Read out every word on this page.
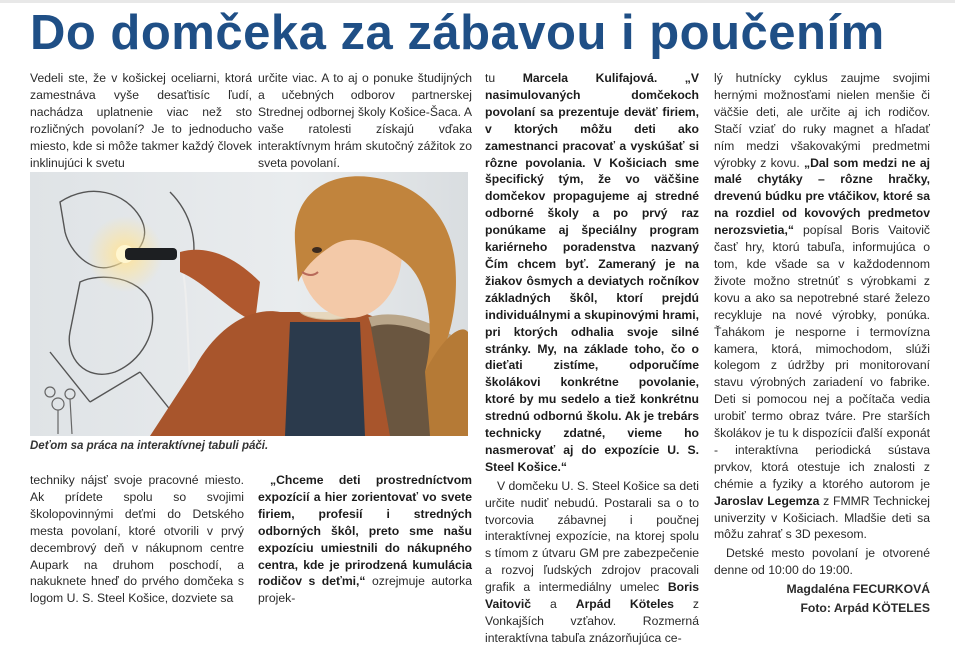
Do domčeka za zábavou i poučením

Vedeli ste, že v košickej oceliarni, ktorá zamestnáva vyše desaťtisíc ľudí, nachádza uplatnenie viac než sto rozličných povolaní? Je to jednoducho miesto, kde si môže takmer každý človek inklinujúci k svetu

určite viac. A to aj o ponuke študijných a učebných odborov partnerskej Strednej odbornej školy Košice-Šaca. A vaše ratolesti získajú vďaka interaktívnym hrám skutočný zážitok zo sveta povolaní.

Deťom sa práca na interaktívnej tabuli páči.

techniky nájsť svoje pracovné miesto. Ak prídete spolu so svojimi školopovinnými deťmi do Detského mesta povolaní, ktoré otvorili v prvý decembrový deň v nákupnom centre Aupark na druhom poschodí, a nakuknete hneď do prvého domčeka s logom U. S. Steel Košice, dozviete sa

„Chceme deti prostredníctvom expozícií a hier zorientovať vo svete firiem, profesií i stredných odborných škôl, preto sme našu expozíciu umiestnili do nákupného centra, kde je prirodzená kumulácia rodičov s deťmi,“ ozrejmuje autorka projek-

tu Marcela Kulifajová. „V nasimulovaných domčekoch povolaní sa prezentuje deväť firiem, v ktorých môžu deti ako zamestnanci pracovať a vyskúšať si rôzne povolania. V Košiciach sme špecifický tým, že vo väčšine domčekov propagujeme aj stredné odborné školy a po prvý raz ponúkame aj špeciálny program kariérneho poradenstva nazvaný Čím chcem byť. Zameraný je na žiakov ôsmych a deviatych ročníkov základných škôl, ktorí prejdú individuálnymi a skupinovými hrami, pri ktorých odhalia svoje silné stránky. My, na základe toho, čo o dieťati zistíme, odporučíme školákovi konkrétne povolanie, ktoré by mu sedelo a tiež konkrétnu strednú odbornú školu. Ak je trebárs technicky zdatné, vieme ho nasmerovať aj do expozície U. S. Steel Košice.“

V domčeku U. S. Steel Košice sa deti určite nudiť nebudú. Postarali sa o to tvorcovia zábavnej i poučnej interaktívnej expozície, na ktorej spolu s tímom z útvaru GM pre zabezpečenie a rozvoj ľudských zdrojov pracovali grafik a intermediálny umelec Boris Vaitovič a Arpád Köteles z Vonkajších vzťahov. Rozmerná interaktívna tabuľa znázorňujúca ce-

lý hutnícky cyklus zaujme svojimi hernými možnosťami nielen menšie či väčšie deti, ale určite aj ich rodičov. Stačí vziať do ruky magnet a hľadať ním medzi všakovakými predmetmi výrobky z kovu. „Dal som medzi ne aj malé chytáky – rôzne hračky, drevenú búdku pre vtáčikov, ktoré sa na rozdiel od kovových predmetov nerozsvietia,“ popísal Boris Vaitovič časť hry, ktorú tabuľa, informujúca o tom, kde všade sa v každodennom živote možno stretnúť s výrobkami z kovu a ako sa nepotrebné staré železo recykluje na nové výrobky, ponúka. Ťahákom je nesporne i termovízna kamera, ktorá, mimochodom, slúži kolegom z údržby pri monitorovaní stavu výrobných zariadení vo fabrike. Deti si pomocou nej a počítača vedia urobiť termo obraz tváre. Pre starších školákov je tu k dispozícii ďalší exponát - interaktívna periodická sústava prvkov, ktorá otestuje ich znalosti z chémie a fyziky a ktorého autorom je Jaroslav Legemza z FMMR Technickej univerzity v Košiciach. Mladšie deti sa môžu zahrať s 3D pexesom.

Detské mesto povolaní je otvorené denne od 10:00 do 19:00.

Magdaléna FECURKOVÁ

Foto: Arpád KÖTELES
